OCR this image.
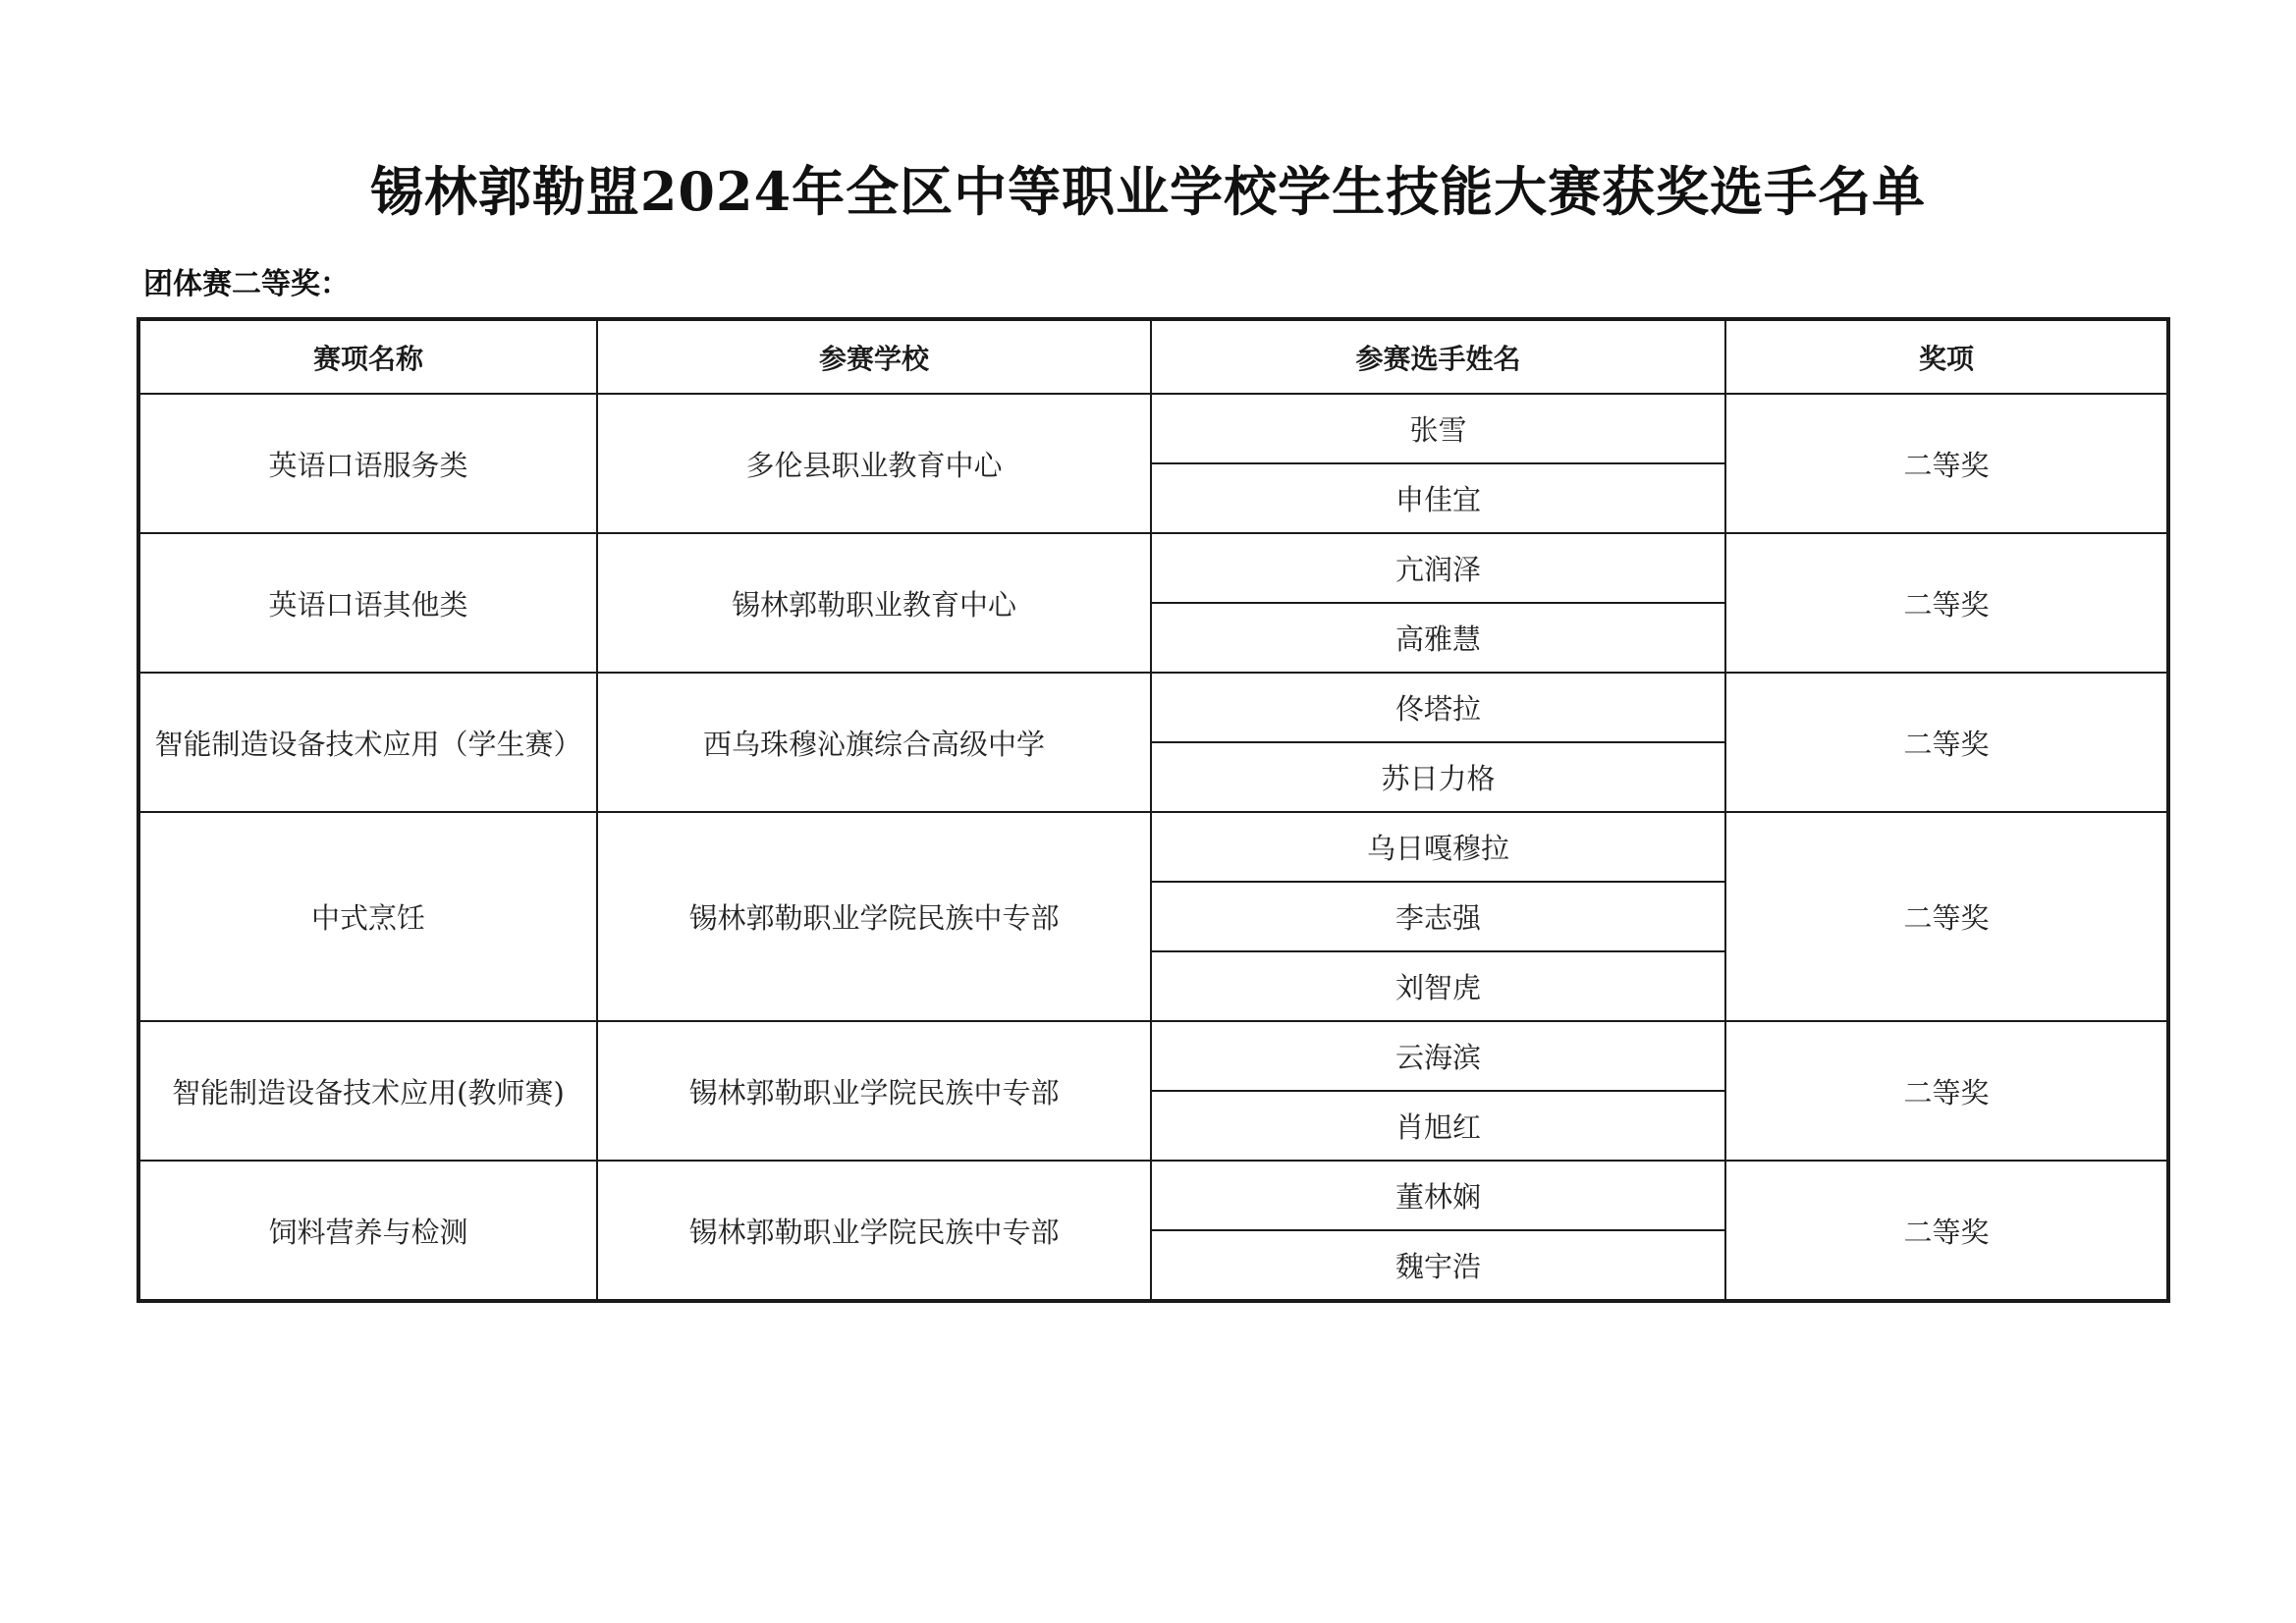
锡林郭勒盟2024年全区中等职业学校学生技能大赛获奖选手名单
团体赛二等奖：
赛项名称	参赛学校	参赛选手姓名	奖项
英语口语服务类	多伦县职业教育中心	张雪	二等奖
		申佳宜	
英语口语其他类	锡林郭勒职业教育中心	亢润泽	二等奖
		高雅慧	
智能制造设备技术应用（学生赛）	西乌珠穆沁旗综合高级中学	佟塔拉	二等奖
		苏日力格	
中式烹饪	锡林郭勒职业学院民族中专部	乌日嘎穆拉	二等奖
		李志强	
		刘智虎	
智能制造设备技术应用(教师赛)	锡林郭勒职业学院民族中专部	云海滨	二等奖
		肖旭红	
饲料营养与检测	锡林郭勒职业学院民族中专部	董林娴	二等奖
		魏宇浩	
